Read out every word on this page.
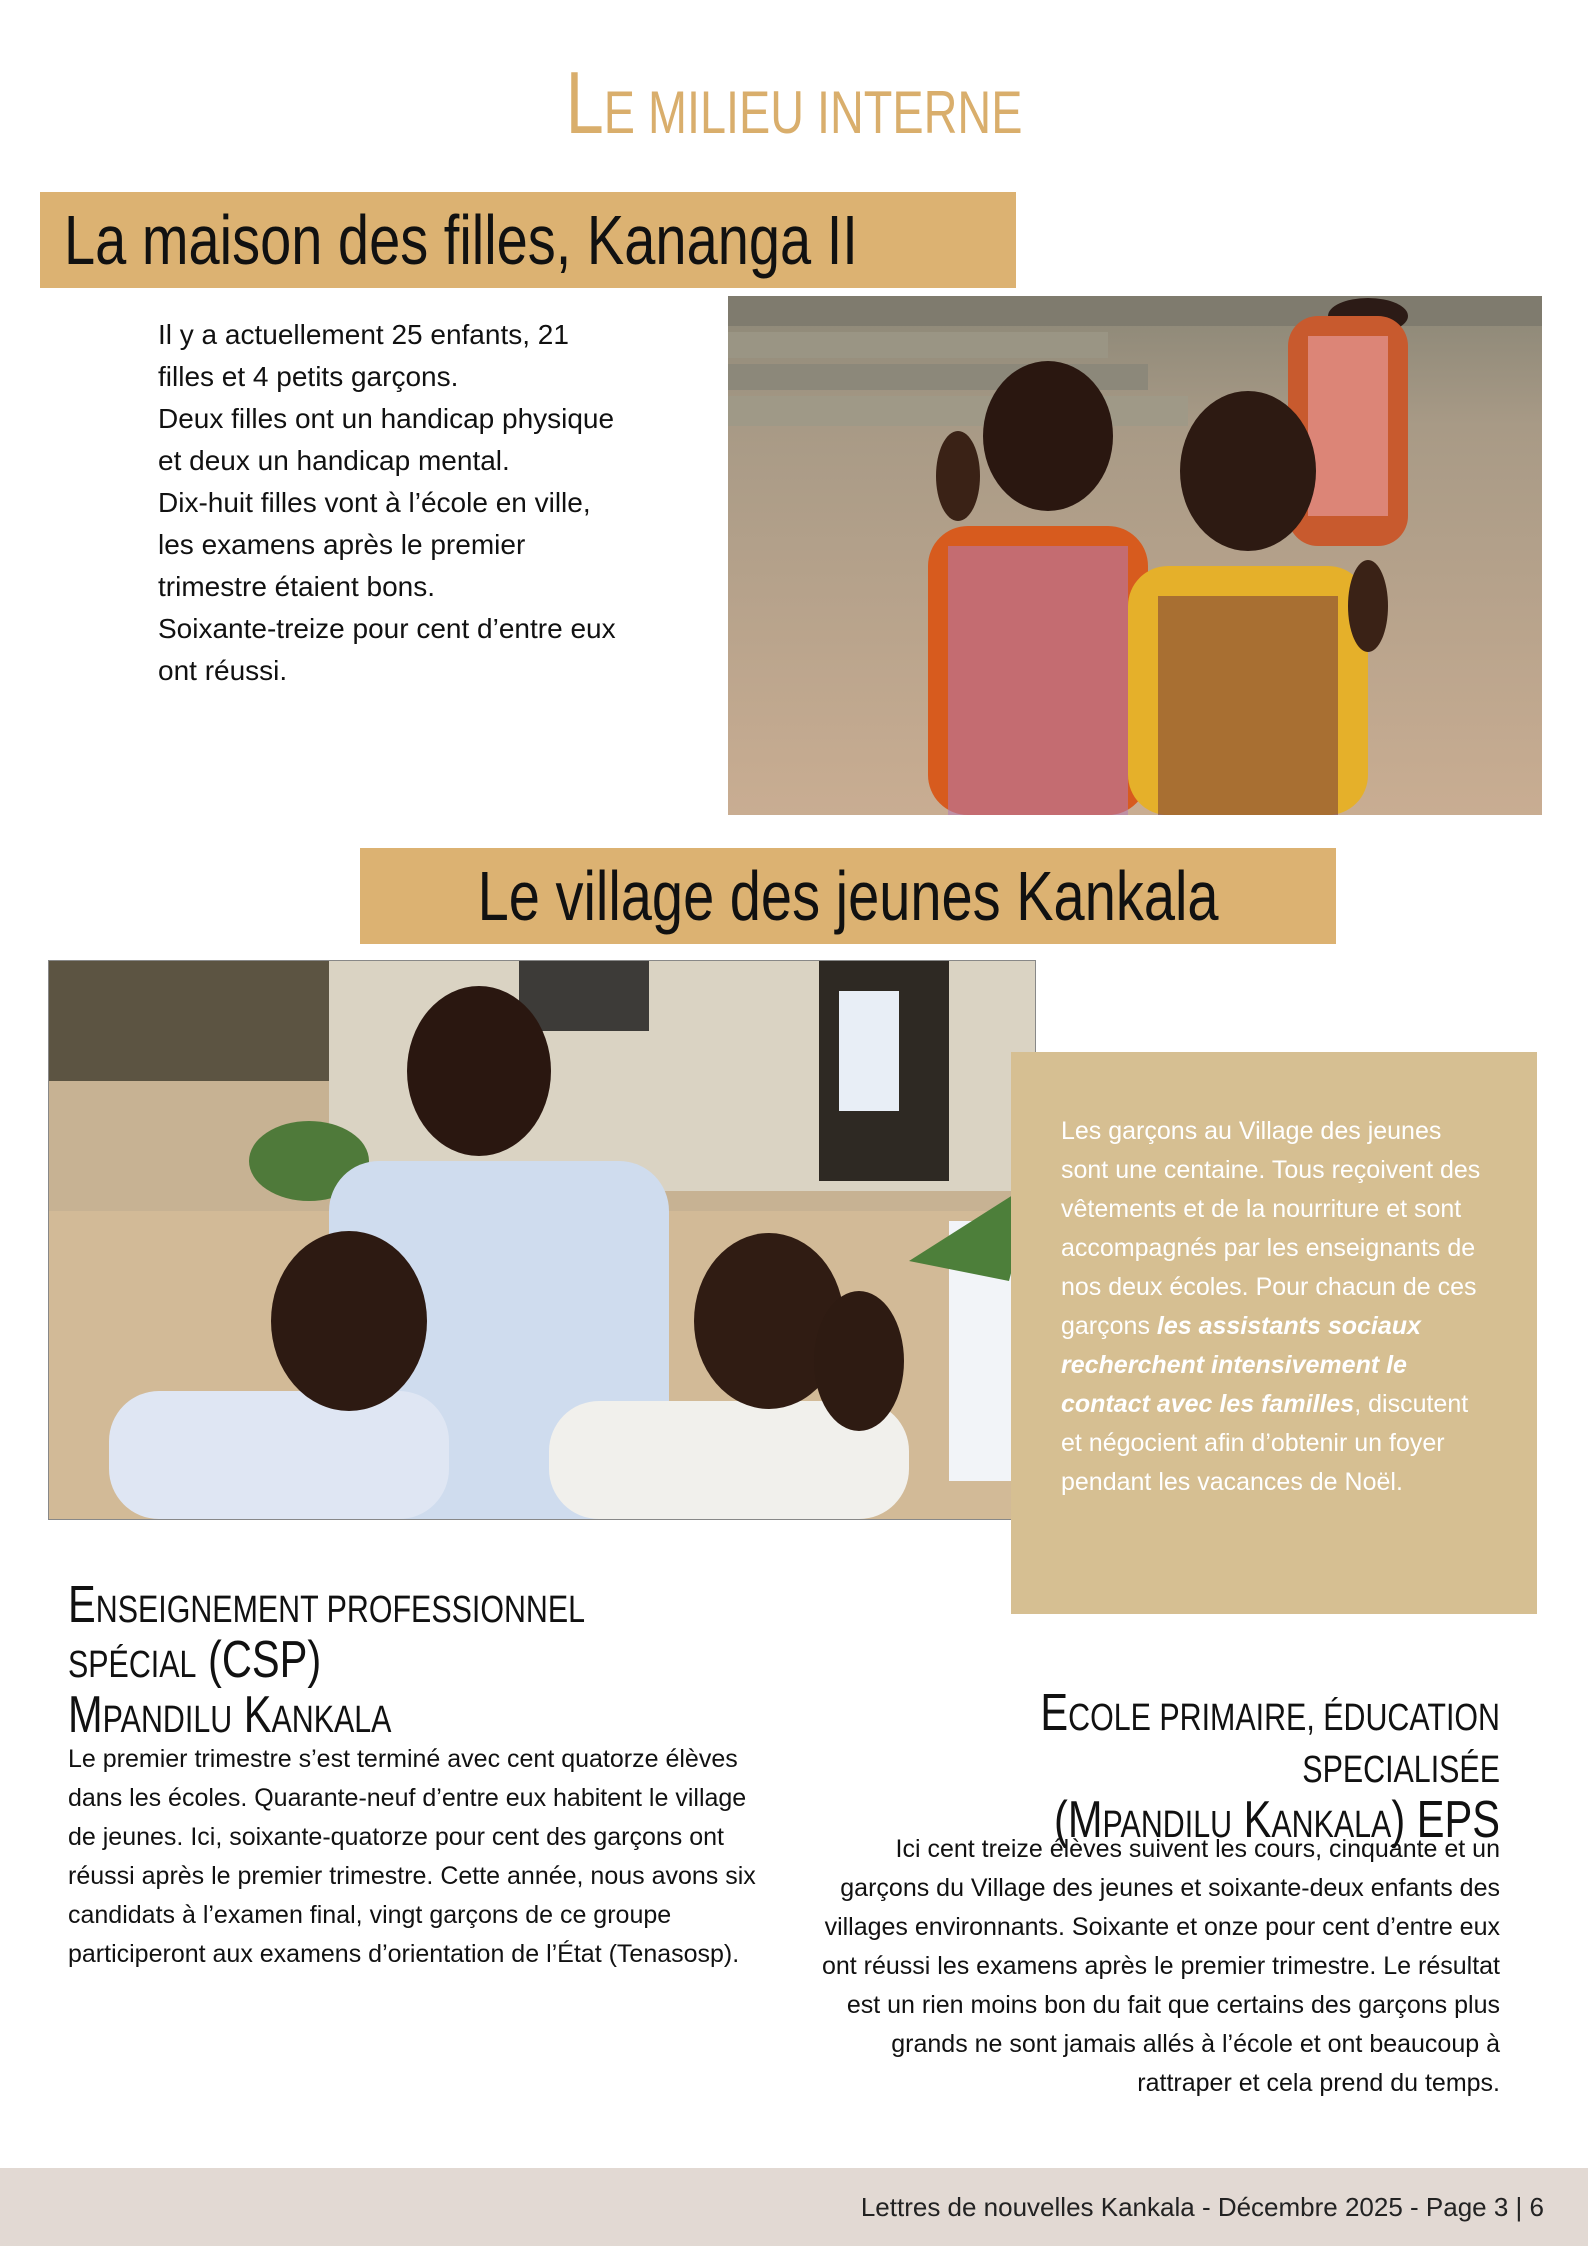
LE MILIEU INTERNE
La maison des filles, Kananga II

Il y a actuellement 25 enfants, 21 filles et 4 petits garçons.

Deux filles ont un handicap physique et deux un handicap mental.

Dix-huit filles vont à l’école en ville, les examens après le premier trimestre étaient bons.

Soixante-treize pour cent d’entre eux ont réussi.

Le village des jeunes Kankala
Les garçons au Village des jeunes sont une centaine. Tous reçoivent des vêtements et de la nourriture et sont accompagnés par les enseignants de nos deux écoles. Pour chacun de ces garçons les assistants sociaux recherchent intensivement le contact avec les familles, discutent et négocient afin d’obtenir un foyer pendant les vacances de Noël.
ENSEIGNEMENT PROFESSIONNEL SPÉCIAL (CSP)
MPANDILU KANKALA

Le premier trimestre s’est terminé avec cent quatorze élèves dans les écoles. Quarante-neuf d’entre eux habitent le village de jeunes. Ici, soixante-quatorze pour cent des garçons ont réussi après le premier trimestre. Cette année, nous avons six candidats à l’examen final, vingt garçons de ce groupe participeront aux examens d’orientation de l’État (Tenasosp).

ECOLE PRIMAIRE, ÉDUCATION SPECIALISÉE
(MPANDILU KANKALA) EPS

Ici cent treize élèves suivent les cours, cinquante et un garçons du Village des jeunes et soixante-deux enfants des villages environnants. Soixante et onze pour cent d’entre eux ont réussi les examens après le premier trimestre. Le résultat est un rien moins bon du fait que certains des garçons plus grands ne sont jamais allés à l’école et ont beaucoup à rattraper et cela prend du temps.

Lettres de nouvelles Kankala - Décembre 2025 - Page 3 | 6
